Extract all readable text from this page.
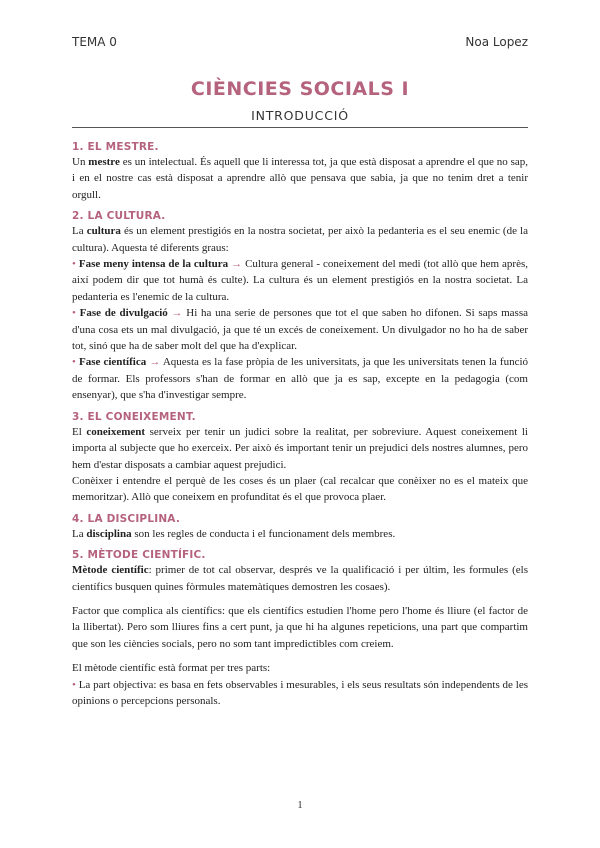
TEMA 0	Noa Lopez
CIÈNCIES SOCIALS I
INTRODUCCIÓ
1. EL MESTRE.

Un mestre es un intelectual. És aquell que li interessa tot, ja que està disposat a aprendre el que no sap, i en el nostre cas està disposat a aprendre allò que pensava que sabia, ja que no tenim dret a tenir orgull.

2. LA CULTURA.

La cultura és un element prestigiós en la nostra societat, per això la pedanteria es el seu enemic (de la cultura). Aquesta té diferents graus:

• Fase meny intensa de la cultura → Cultura general - coneixement del medi (tot allò que hem après, així podem dir que tot humà és culte). La cultura és un element prestigiós en la nostra societat. La pedanteria es l'enemic de la cultura.

• Fase de divulgació → Hi ha una serie de persones que tot el que saben ho difonen. Si saps massa d'una cosa ets un mal divulgació, ja que té un excés de coneixement. Un divulgador no ho ha de saber tot, sinó que ha de saber molt del que ha d'explicar.

• Fase científica → Aquesta es la fase pròpia de les universitats, ja que les universitats tenen la funció de formar. Els professors s'han de formar en allò que ja es sap, excepte en la pedagogia (com ensenyar), que s'ha d'investigar sempre.

3. EL CONEIXEMENT.

El coneixement serveix per tenir un judici sobre la realitat, per sobreviure. Aquest coneixement li importa al subjecte que ho exerceix. Per això és important tenir un prejudici dels nostres alumnes, pero hem d'estar disposats a cambiar aquest prejudici.

Conèixer i entendre el perquè de les coses és un plaer (cal recalcar que conèixer no es el mateix que memoritzar). Allò que coneixem en profunditat és el que provoca plaer.

4. LA DISCIPLINA.

La disciplina son les regles de conducta i el funcionament dels membres.

5. MÈTODE CIENTÍFIC.

Mètode científic: primer de tot cal observar, després ve la qualificació i per últim, les formules (els científics busquen quines fòrmules matemàtiques demostren les cosaes).

Factor que complica als científics: que els científics estudien l'home pero l'home és lliure (el factor de la llibertat). Pero som lliures fins a cert punt, ja que hi ha algunes repeticions, una part que compartim que son les ciències socials, pero no som tant impredictibles com creiem.

El mètode científic està format per tres parts:

• La part objectiva: es basa en fets observables i mesurables, i els seus resultats són independents de les opinions o percepcions personals.

1
